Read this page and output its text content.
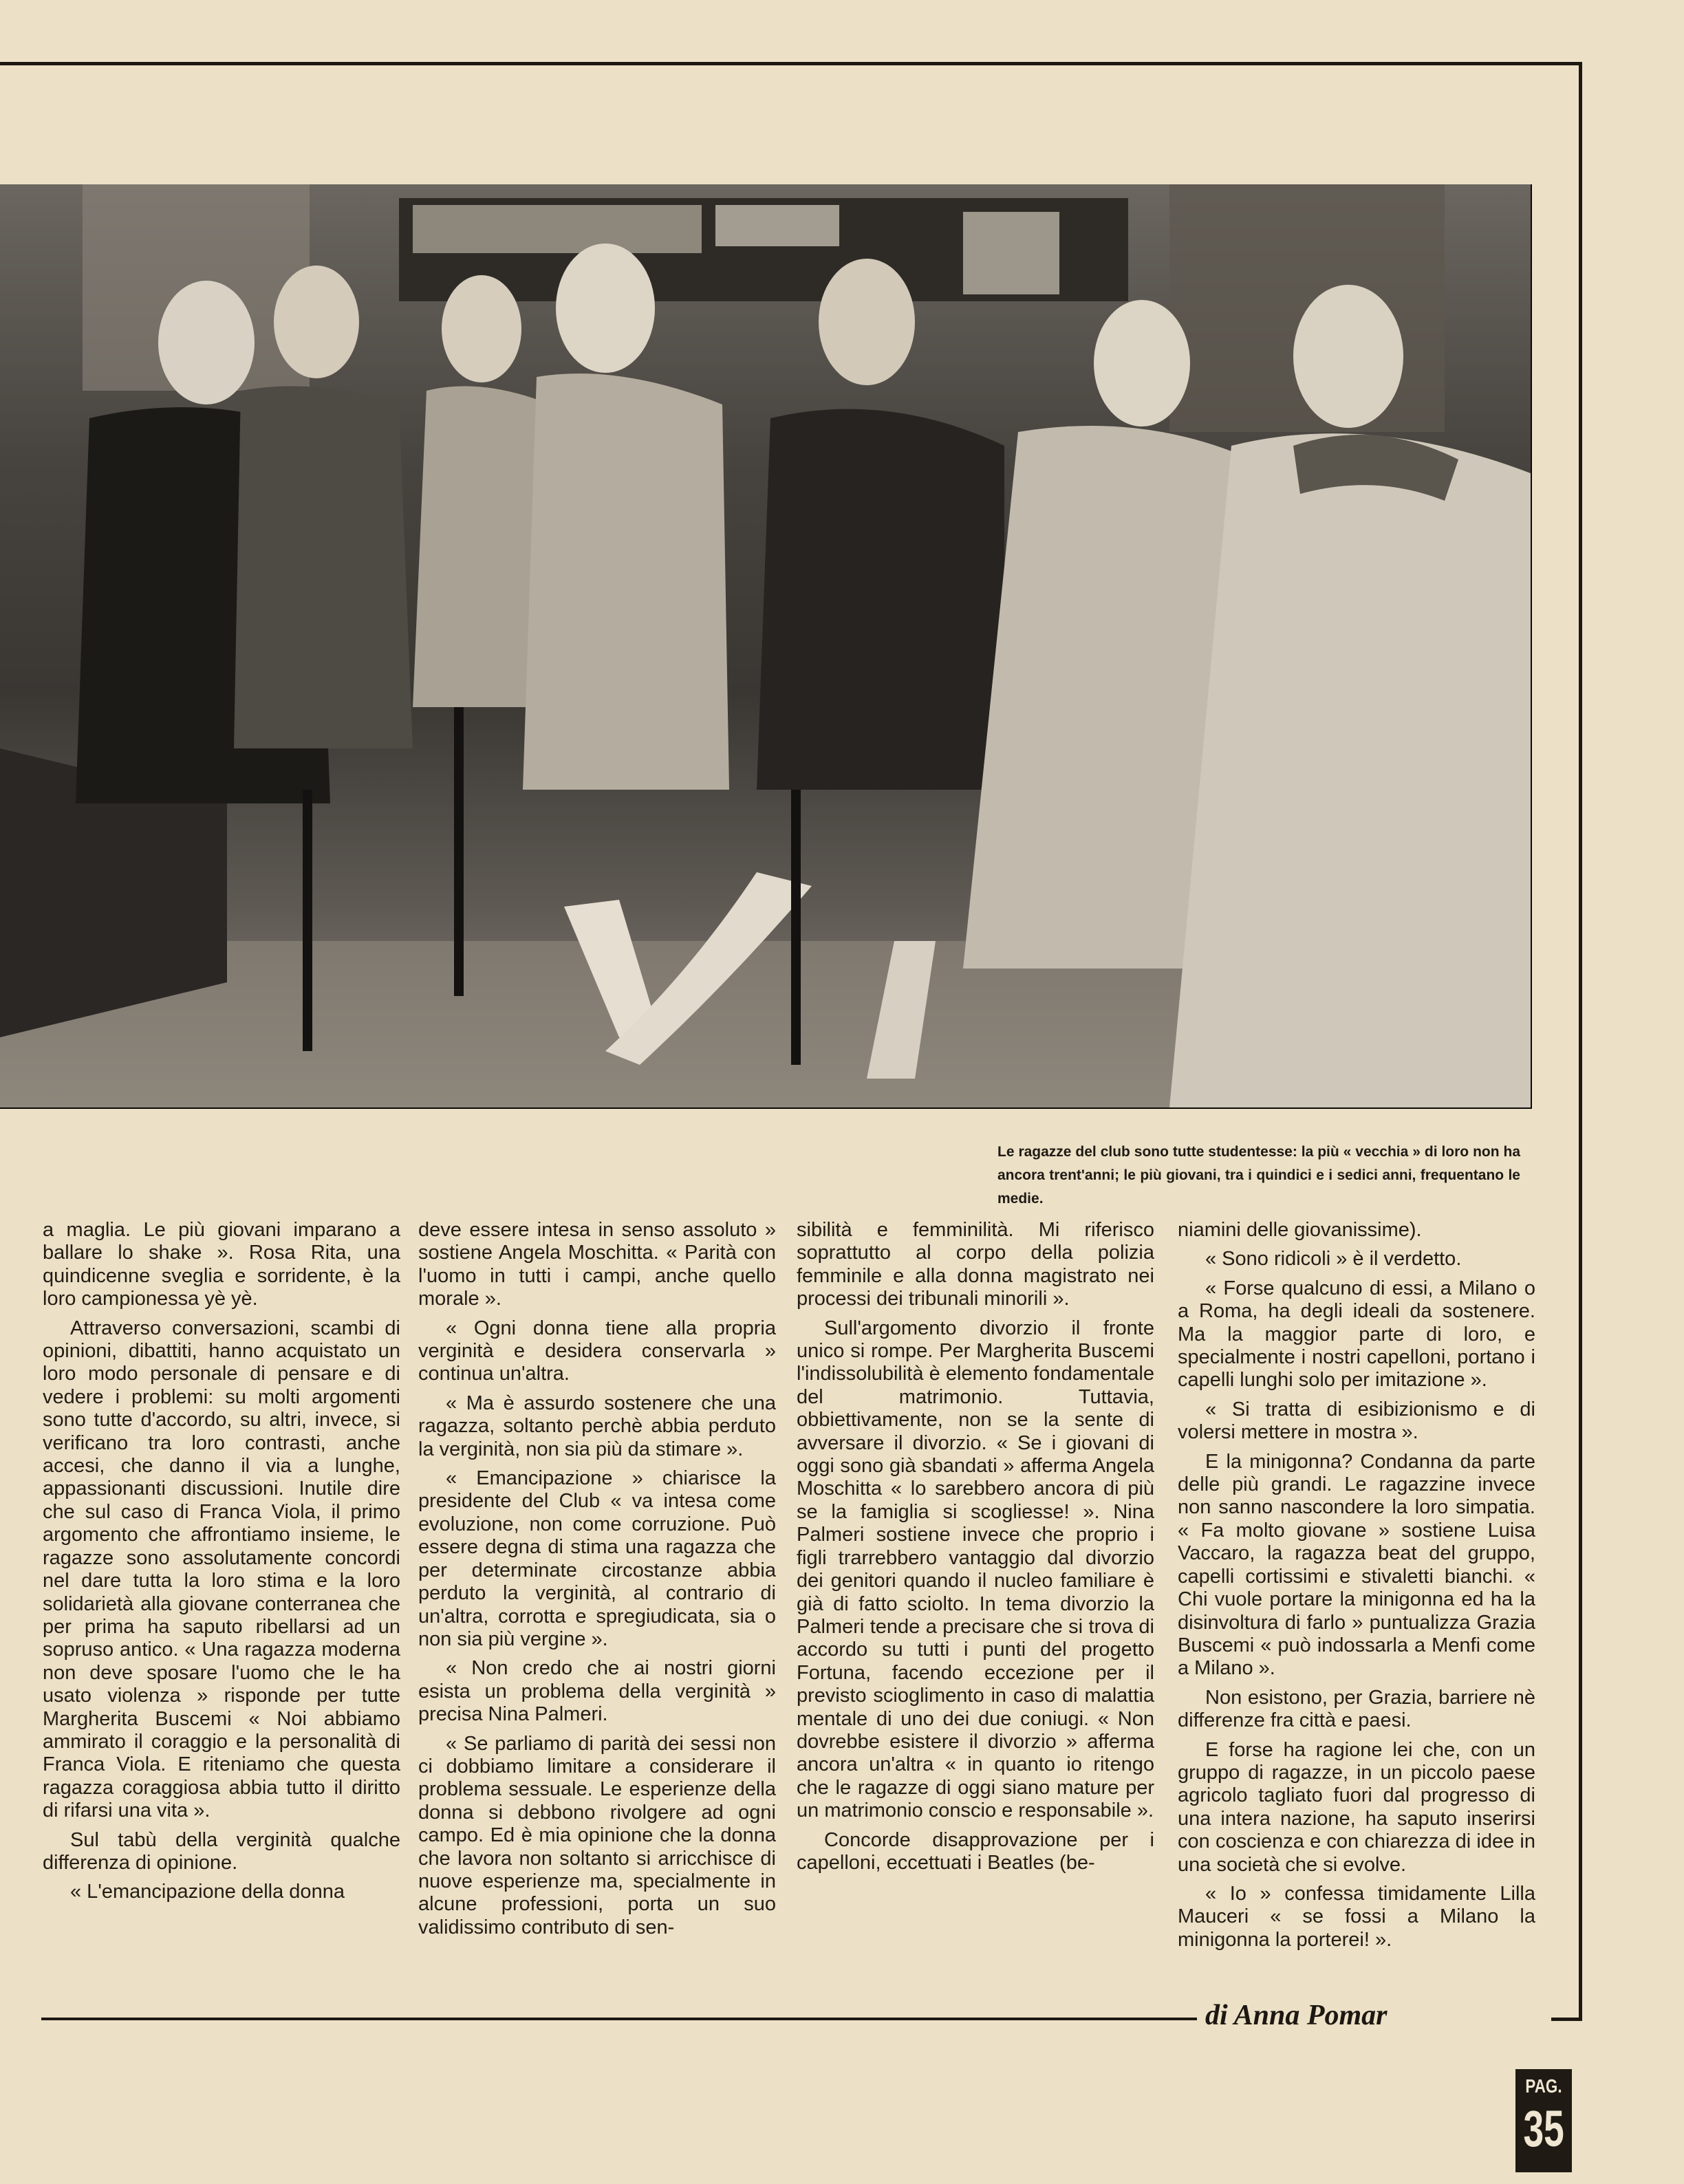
Le ragazze del club sono tutte studentesse: la più « vecchia » di loro non ha ancora trent'anni; le più giovani, tra i quindici e i sedici anni, frequentano le medie.

a maglia. Le più giovani imparano a ballare lo shake ». Rosa Rita, una quindicenne sveglia e sorridente, è la loro campionessa yè yè.

Attraverso conversazioni, scambi di opinioni, dibattiti, hanno acquistato un loro modo personale di pensare e di vedere i problemi: su molti argomenti sono tutte d'accordo, su altri, invece, si verificano tra loro contrasti, anche accesi, che danno il via a lunghe, appassionanti discussioni. Inutile dire che sul caso di Franca Viola, il primo argomento che affrontiamo insieme, le ragazze sono assolutamente concordi nel dare tutta la loro stima e la loro solidarietà alla giovane conterranea che per prima ha saputo ribellarsi ad un sopruso antico. « Una ragazza moderna non deve sposare l'uomo che le ha usato violenza » risponde per tutte Margherita Buscemi « Noi abbiamo ammirato il coraggio e la personalità di Franca Viola. E riteniamo che questa ragazza coraggiosa abbia tutto il diritto di rifarsi una vita ».

Sul tabù della verginità qualche differenza di opinione.

« L'emancipazione della donna

deve essere intesa in senso assoluto » sostiene Angela Moschitta. « Parità con l'uomo in tutti i campi, anche quello morale ».

« Ogni donna tiene alla propria verginità e desidera conservarla » continua un'altra.

« Ma è assurdo sostenere che una ragazza, soltanto perchè abbia perduto la verginità, non sia più da stimare ».

« Emancipazione » chiarisce la presidente del Club « va intesa come evoluzione, non come corruzione. Può essere degna di stima una ragazza che per determinate circostanze abbia perduto la verginità, al contrario di un'altra, corrotta e spregiudicata, sia o non sia più vergine ».

« Non credo che ai nostri giorni esista un problema della verginità » precisa Nina Palmeri.

« Se parliamo di parità dei sessi non ci dobbiamo limitare a considerare il problema sessuale. Le esperienze della donna si debbono rivolgere ad ogni campo. Ed è mia opinione che la donna che lavora non soltanto si arricchisce di nuove esperienze ma, specialmente in alcune professioni, porta un suo validissimo contributo di sen-

sibilità e femminilità. Mi riferisco soprattutto al corpo della polizia femminile e alla donna magistrato nei processi dei tribunali minorili ».

Sull'argomento divorzio il fronte unico si rompe. Per Margherita Buscemi l'indissolubilità è elemento fondamentale del matrimonio. Tuttavia, obbiettivamente, non se la sente di avversare il divorzio. « Se i giovani di oggi sono già sbandati » afferma Angela Moschitta « lo sarebbero ancora di più se la famiglia si scogliesse! ». Nina Palmeri sostiene invece che proprio i figli trarrebbero vantaggio dal divorzio dei genitori quando il nucleo familiare è già di fatto sciolto. In tema divorzio la Palmeri tende a precisare che si trova di accordo su tutti i punti del progetto Fortuna, facendo eccezione per il previsto scioglimento in caso di malattia mentale di uno dei due coniugi. « Non dovrebbe esistere il divorzio » afferma ancora un'altra « in quanto io ritengo che le ragazze di oggi siano mature per un matrimonio conscio e responsabile ».

Concorde disapprovazione per i capelloni, eccettuati i Beatles (be-

niamini delle giovanissime).

« Sono ridicoli » è il verdetto.

« Forse qualcuno di essi, a Milano o a Roma, ha degli ideali da sostenere. Ma la maggior parte di loro, e specialmente i nostri capelloni, portano i capelli lunghi solo per imitazione ».

« Si tratta di esibizionismo e di volersi mettere in mostra ».

E la minigonna? Condanna da parte delle più grandi. Le ragazzine invece non sanno nascondere la loro simpatia. « Fa molto giovane » sostiene Luisa Vaccaro, la ragazza beat del gruppo, capelli cortissimi e stivaletti bianchi. « Chi vuole portare la minigonna ed ha la disinvoltura di farlo » puntualizza Grazia Buscemi « può indossarla a Menfi come a Milano ».

Non esistono, per Grazia, barriere nè differenze fra città e paesi.

E forse ha ragione lei che, con un gruppo di ragazze, in un piccolo paese agricolo tagliato fuori dal progresso di una intera nazione, ha saputo inserirsi con coscienza e con chiarezza di idee in una società che si evolve.

« Io » confessa timidamente Lilla Mauceri « se fossi a Milano la minigonna la porterei! ».

di Anna Pomar

PAG.
35
